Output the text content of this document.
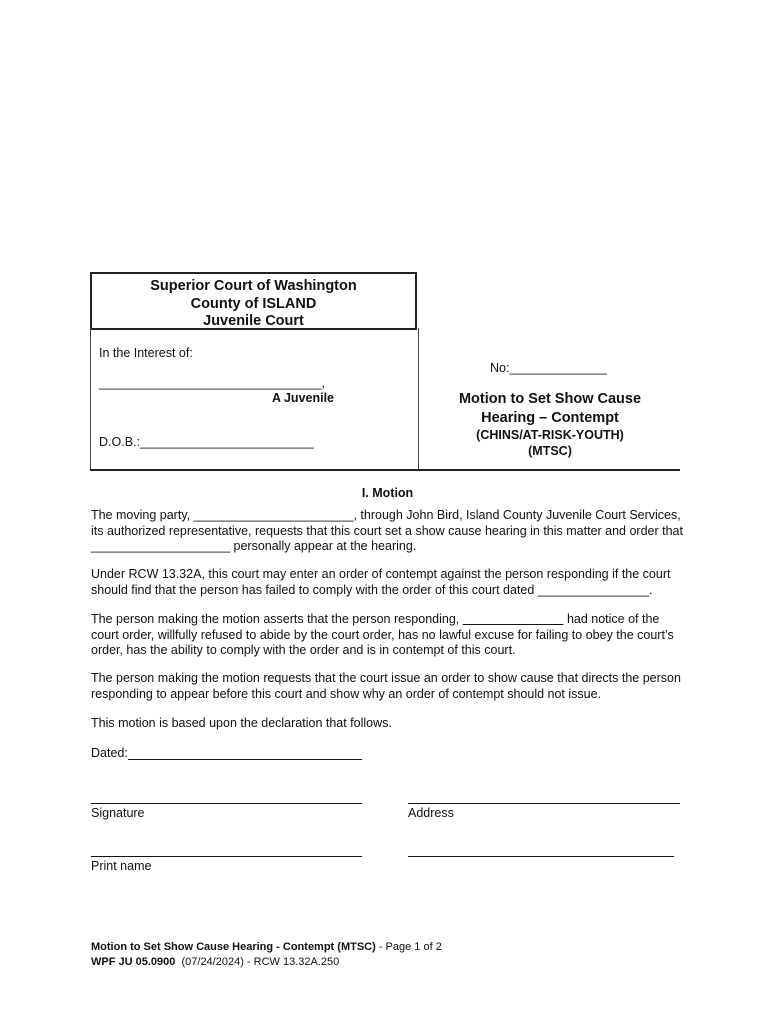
Superior Court of Washington
County of ISLAND
Juvenile Court
In the Interest of:
________________________________,
A Juvenile
D.O.B.:_________________________
No:______________
Motion to Set Show Cause
Hearing – Contempt
(CHINS/AT-RISK-YOUTH)
(MTSC)
I. Motion
The moving party, _______________________, through John Bird, Island County Juvenile Court Services, its authorized representative, requests that this court set a show cause hearing in this matter and order that ____________________ personally appear at the hearing.
Under RCW 13.32A, this court may enter an order of contempt against the person responding if the court should find that the person has failed to comply with the order of this court dated ________________.
The person making the motion asserts that the person responding,	had notice of the court order, willfully refused to abide by the court order, has no lawful excuse for failing to obey the court’s order, has the ability to comply with the order and is in contempt of this court.
The person making the motion requests that the court issue an order to show cause that directs the person responding to appear before this court and show why an order of contempt should not issue.
This motion is based upon the declaration that follows.
Dated:
Signature	Address
Print name
Motion to Set Show Cause Hearing - Contempt (MTSC) - Page 1 of 2
WPF JU 05.0900  (07/24/2024) - RCW 13.32A.250
